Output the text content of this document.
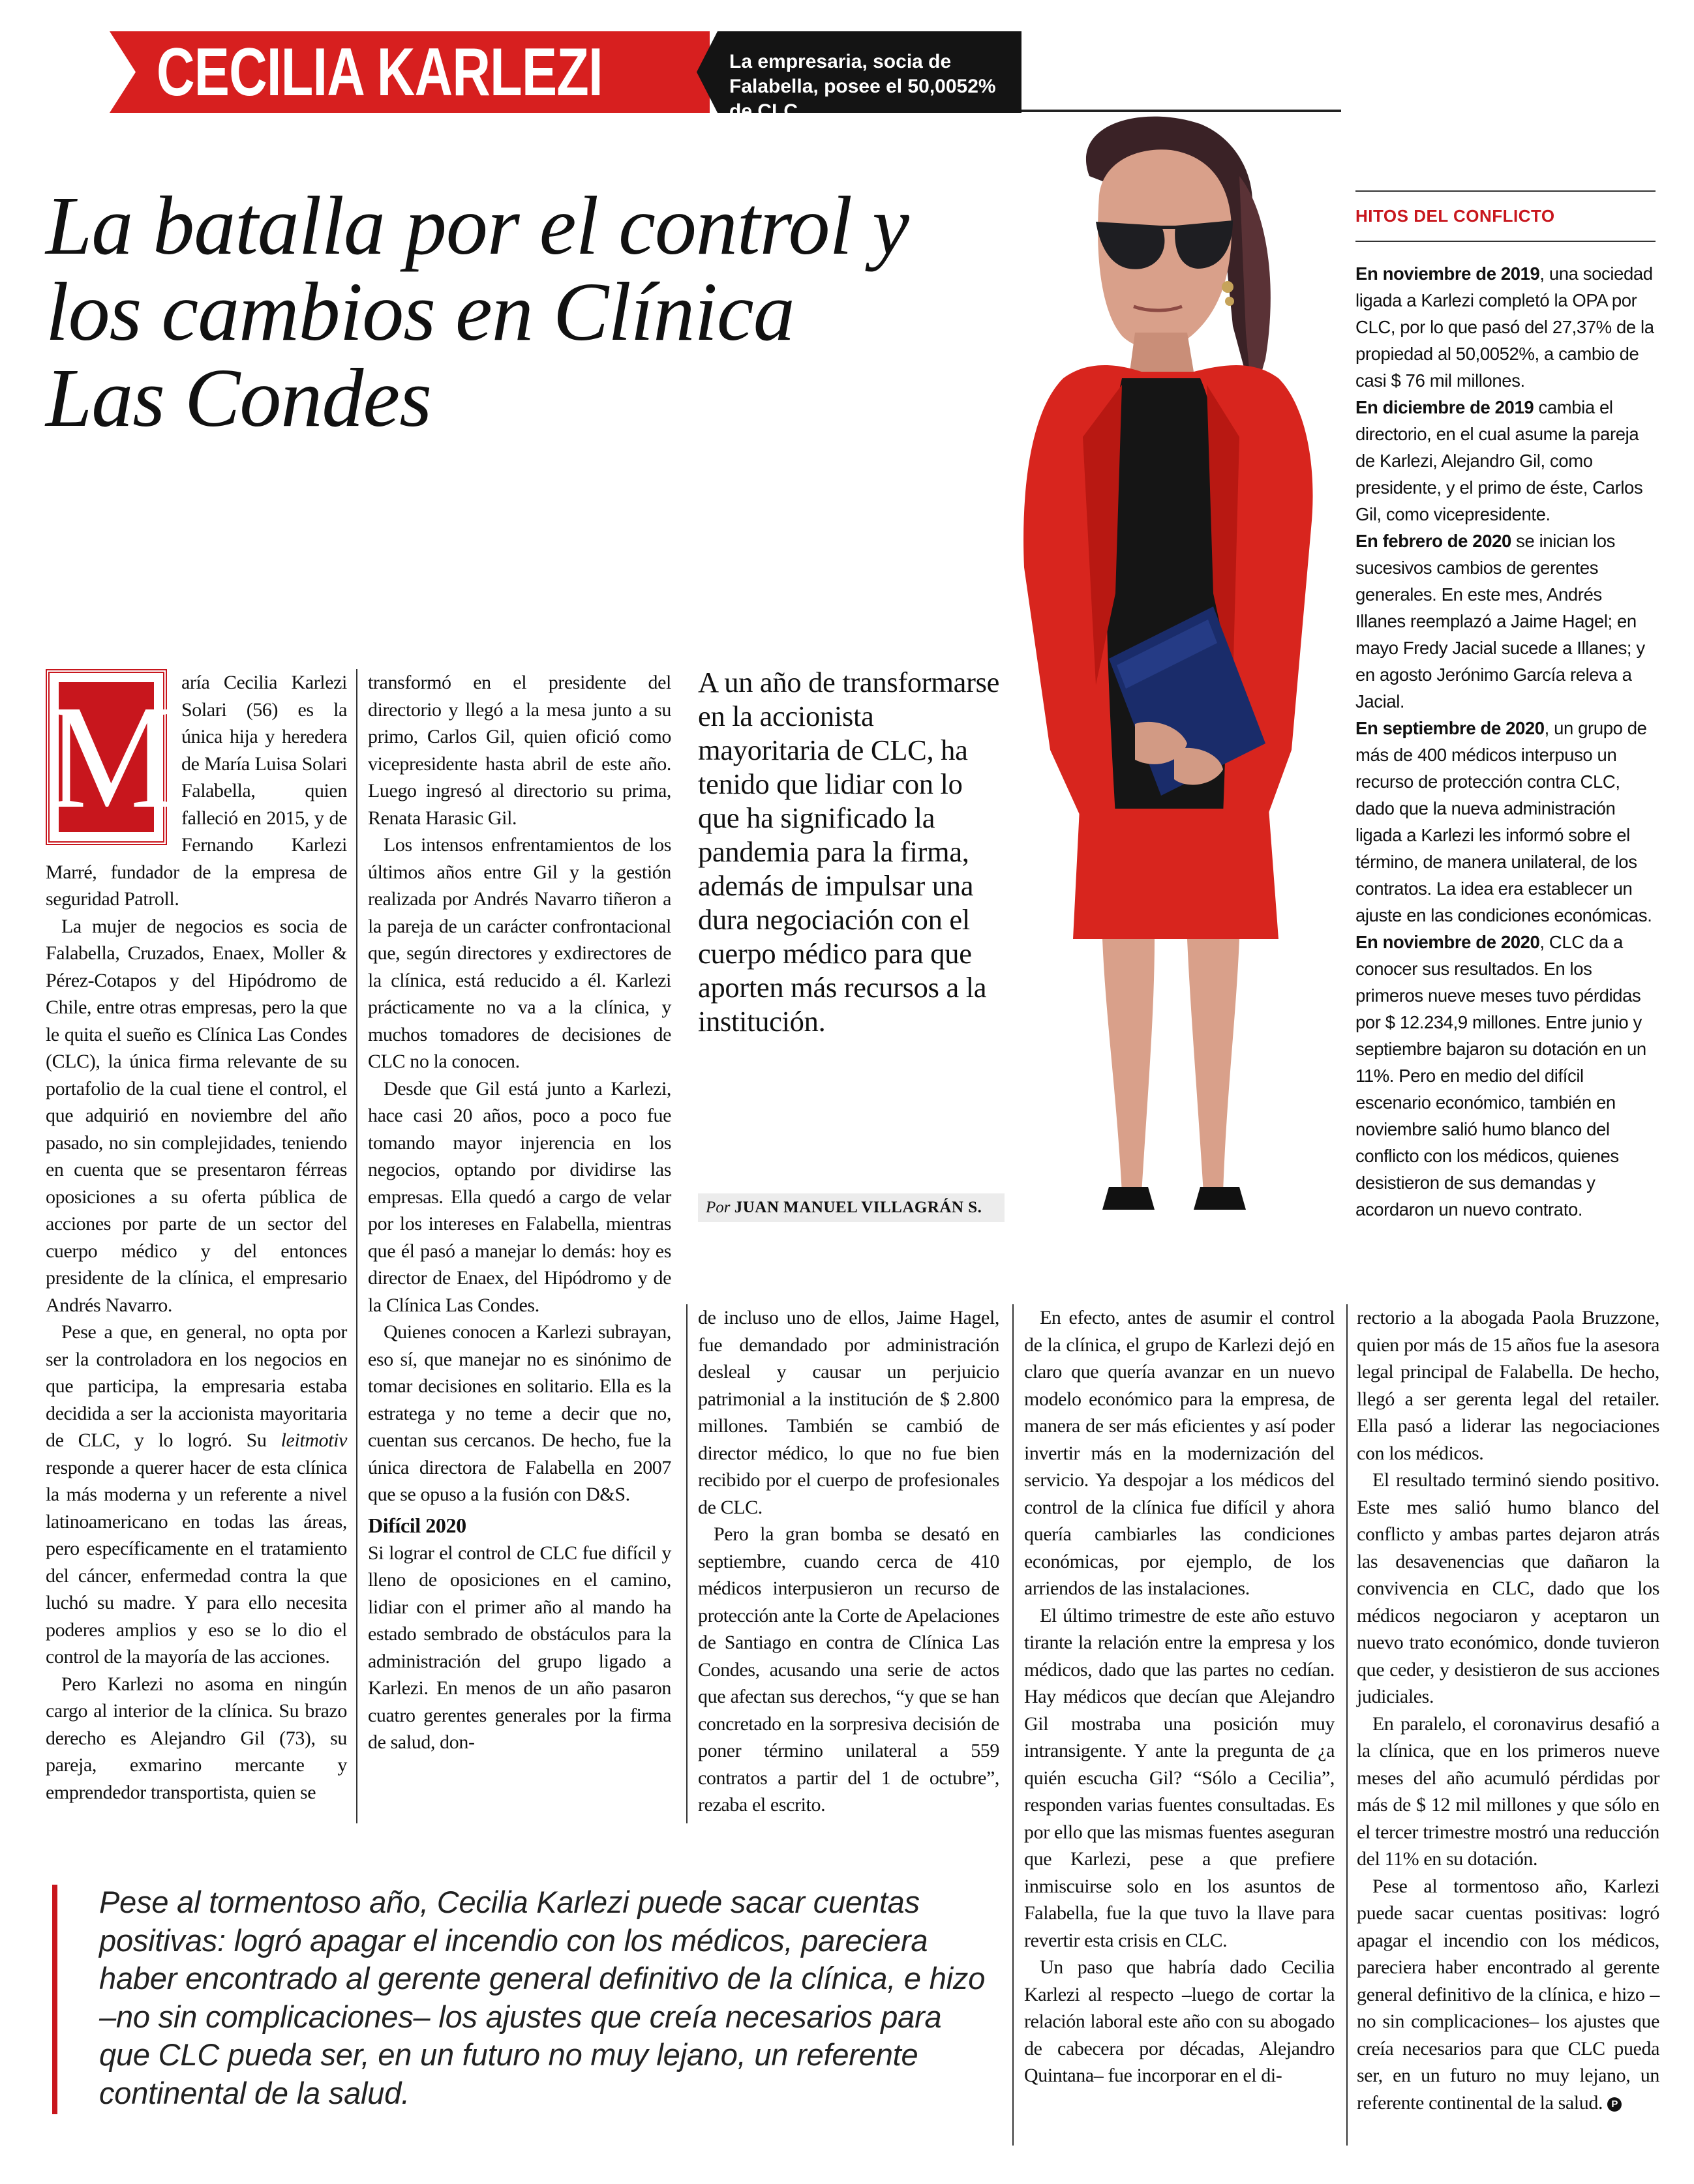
CECILIA KARLEZI	La empresaria, socia de Falabella, posee el 50,0052% de CLC
La batalla por el control y los cambios en Clínica Las Condes
HITOS DEL CONFLICTO

En noviembre de 2019, una sociedad ligada a Karlezi completó la OPA por CLC, por lo que pasó del 27,37% de la propiedad al 50,0052%, a cambio de casi $ 76 mil millones.

En diciembre de 2019 cambia el directorio, en el cual asume la pareja de Karlezi, Alejandro Gil, como presidente, y el primo de éste, Carlos Gil, como vicepresidente.

En febrero de 2020 se inician los sucesivos cambios de gerentes generales. En este mes, Andrés Illanes reemplazó a Jaime Hagel; en mayo Fredy Jacial sucede a Illanes; y en agosto Jerónimo García releva a Jacial.

En septiembre de 2020, un grupo de más de 400 médicos interpuso un recurso de protección contra CLC, dado que la nueva administración ligada a Karlezi les informó sobre el término, de manera unilateral, de los contratos. La idea era establecer un ajuste en las condiciones económicas.

En noviembre de 2020, CLC da a conocer sus resultados. En los primeros nueve meses tuvo pérdidas por $ 12.234,9 millones. Entre junio y septiembre bajaron su dotación en un 11%. Pero en medio del difícil escenario económico, también en noviembre salió humo blanco del conflicto con los médicos, quienes desistieron de sus demandas y acordaron un nuevo contrato.

A un año de transformarse en la accionista mayoritaria de CLC, ha tenido que lidiar con lo que ha significado la pandemia para la firma, además de impulsar una dura negociación con el cuerpo médico para que aporten más recursos a la institución.

Por JUAN MANUEL VILLAGRÁN S.
M aría Cecilia Karlezi Solari (56) es la única hija y heredera de María Luisa Solari Falabella, quien falleció en 2015, y de Fernando Karlezi Marré, fundador de la empresa de seguridad Patroll.

La mujer de negocios es socia de Falabella, Cruzados, Enaex, Moller & Pérez-Cotapos y del Hipódromo de Chile, entre otras empresas, pero la que le quita el sueño es Clínica Las Condes (CLC), la única firma relevante de su portafolio de la cual tiene el control, el que adquirió en noviembre del año pasado, no sin complejidades, teniendo en cuenta que se presentaron férreas oposiciones a su oferta pública de acciones por parte de un sector del cuerpo médico y del entonces presidente de la clínica, el empresario Andrés Navarro.

Pese a que, en general, no opta por ser la controladora en los negocios en que participa, la empresaria estaba decidida a ser la accionista mayoritaria de CLC, y lo logró. Su leitmotiv responde a querer hacer de esta clínica la más moderna y un referente a nivel latinoamericano en todas las áreas, pero específicamente en el tratamiento del cáncer, enfermedad contra la que luchó su madre. Y para ello necesita poderes amplios y eso se lo dio el control de la mayoría de las acciones.

Pero Karlezi no asoma en ningún cargo al interior de la clínica. Su brazo derecho es Alejandro Gil (73), su pareja, exmarino mercante y emprendedor transportista, quien se

transformó en el presidente del directorio y llegó a la mesa junto a su primo, Carlos Gil, quien ofició como vicepresidente hasta abril de este año. Luego ingresó al directorio su prima, Renata Harasic Gil.

Los intensos enfrentamientos de los últimos años entre Gil y la gestión realizada por Andrés Navarro tiñeron a la pareja de un carácter confrontacional que, según directores y exdirectores de la clínica, está reducido a él. Karlezi prácticamente no va a la clínica, y muchos tomadores de decisiones de CLC no la conocen.

Desde que Gil está junto a Karlezi, hace casi 20 años, poco a poco fue tomando mayor injerencia en los negocios, optando por dividirse las empresas. Ella quedó a cargo de velar por los intereses en Falabella, mientras que él pasó a manejar lo demás: hoy es director de Enaex, del Hipódromo y de la Clínica Las Condes.

Quienes conocen a Karlezi subrayan, eso sí, que manejar no es sinónimo de tomar decisiones en solitario. Ella es la estratega y no teme a decir que no, cuentan sus cercanos. De hecho, fue la única directora de Falabella en 2007 que se opuso a la fusión con D&S.

Difícil 2020

Si lograr el control de CLC fue difícil y lleno de oposiciones en el camino, lidiar con el primer año al mando ha estado sembrado de obstáculos para la administración del grupo ligado a Karlezi. En menos de un año pasaron cuatro gerentes generales por la firma de salud, don-

de incluso uno de ellos, Jaime Hagel, fue demandado por administración desleal y causar un perjuicio patrimonial a la institución de $ 2.800 millones. También se cambió de director médico, lo que no fue bien recibido por el cuerpo de profesionales de CLC.

Pero la gran bomba se desató en septiembre, cuando cerca de 410 médicos interpusieron un recurso de protección ante la Corte de Apelaciones de Santiago en contra de Clínica Las Condes, acusando una serie de actos que afectan sus derechos, “y que se han concretado en la sorpresiva decisión de poner término unilateral a 559 contratos a partir del 1 de octubre”, rezaba el escrito.

En efecto, antes de asumir el control de la clínica, el grupo de Karlezi dejó en claro que quería avanzar en un nuevo modelo económico para la empresa, de manera de ser más eficientes y así poder invertir más en la modernización del servicio. Ya despojar a los médicos del control de la clínica fue difícil y ahora quería cambiarles las condiciones económicas, por ejemplo, de los arriendos de las instalaciones.

El último trimestre de este año estuvo tirante la relación entre la empresa y los médicos, dado que las partes no cedían. Hay médicos que decían que Alejandro Gil mostraba una posición muy intransigente. Y ante la pregunta de ¿a quién escucha Gil? “Sólo a Cecilia”, responden varias fuentes consultadas. Es por ello que las mismas fuentes aseguran que Karlezi, pese a que prefiere inmiscuirse solo en los asuntos de Falabella, fue la que tuvo la llave para revertir esta crisis en CLC.

Un paso que habría dado Cecilia Karlezi al respecto –luego de cortar la relación laboral este año con su abogado de cabecera por décadas, Alejandro Quintana– fue incorporar en el di-

rectorio a la abogada Paola Bruzzone, quien por más de 15 años fue la asesora legal principal de Falabella. De hecho, llegó a ser gerenta legal del retailer. Ella pasó a liderar las negociaciones con los médicos.

El resultado terminó siendo positivo. Este mes salió humo blanco del conflicto y ambas partes dejaron atrás las desavenencias que dañaron la convivencia en CLC, dado que los médicos negociaron y aceptaron un nuevo trato económico, donde tuvieron que ceder, y desistieron de sus acciones judiciales.

En paralelo, el coronavirus desafió a la clínica, que en los primeros nueve meses del año acumuló pérdidas por más de $ 12 mil millones y que sólo en el tercer trimestre mostró una reducción del 11% en su dotación.

Pese al tormentoso año, Karlezi puede sacar cuentas positivas: logró apagar el incendio con los médicos, pareciera haber encontrado al gerente general definitivo de la clínica, e hizo –no sin complicaciones– los ajustes que creía necesarios para que CLC pueda ser, en un futuro no muy lejano, un referente continental de la salud. P

Pese al tormentoso año, Cecilia Karlezi puede sacar cuentas positivas: logró apagar el incendio con los médicos, pareciera haber encontrado al gerente general definitivo de la clínica, e hizo –no sin complicaciones– los ajustes que creía necesarios para que CLC pueda ser, en un futuro no muy lejano, un referente continental de la salud.
